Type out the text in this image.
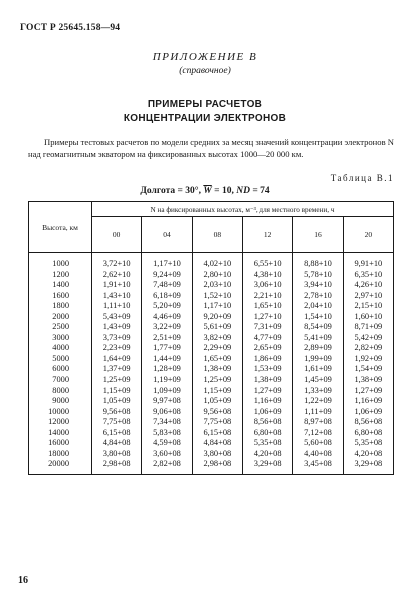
ГОСТ Р 25645.158—94
ПРИЛОЖЕНИЕ В
(справочное)
ПРИМЕРЫ РАСЧЕТОВ
КОНЦЕНТРАЦИИ ЭЛЕКТРОНОВ
Примеры тестовых расчетов по модели средних за месяц значений концентрации электронов N над геомагнитным экватором на фиксированных высотах 1000—20 000 км.
Таблица В.1
Долгота = 30°, $\overline{W} = 10$, ND = 74
Высота, км	N на фиксированных высотах, м⁻³, для местного времени, ч					
	00	04	08	12	16	20
1000	3,72+10	1,17+10	4,02+10	6,55+10	8,88+10	9,91+10
1200	2,62+10	9,24+09	2,80+10	4,38+10	5,78+10	6,35+10
1400	1,91+10	7,48+09	2,03+10	3,06+10	3,94+10	4,26+10
1600	1,43+10	6,18+09	1,52+10	2,21+10	2,78+10	2,97+10
1800	1,11+10	5,20+09	1,17+10	1,65+10	2,04+10	2,15+10
2000	5,43+09	4,46+09	9,20+09	1,27+10	1,54+10	1,60+10
2500	1,43+09	3,22+09	5,61+09	7,31+09	8,54+09	8,71+09
3000	3,73+09	2,51+09	3,82+09	4,77+09	5,41+09	5,42+09
4000	2,23+09	1,77+09	2,29+09	2,65+09	2,89+09	2,82+09
5000	1,64+09	1,44+09	1,65+09	1,86+09	1,99+09	1,92+09
6000	1,37+09	1,28+09	1,38+09	1,53+09	1,61+09	1,54+09
7000	1,25+09	1,19+09	1,25+09	1,38+09	1,45+09	1,38+09
8000	1,15+09	1,09+09	1,15+09	1,27+09	1,33+09	1,27+09
9000	1,05+09	9,97+08	1,05+09	1,16+09	1,22+09	1,16+09
10000	9,56+08	9,06+08	9,56+08	1,06+09	1,11+09	1,06+09
12000	7,75+08	7,34+08	7,75+08	8,56+08	8,97+08	8,56+08
14000	6,15+08	5,83+08	6,15+08	6,80+08	7,12+08	6,80+08
16000	4,84+08	4,59+08	4,84+08	5,35+08	5,60+08	5,35+08
18000	3,80+08	3,60+08	3,80+08	4,20+08	4,40+08	4,20+08
20000	2,98+08	2,82+08	2,98+08	3,29+08	3,45+08	3,29+08
16
